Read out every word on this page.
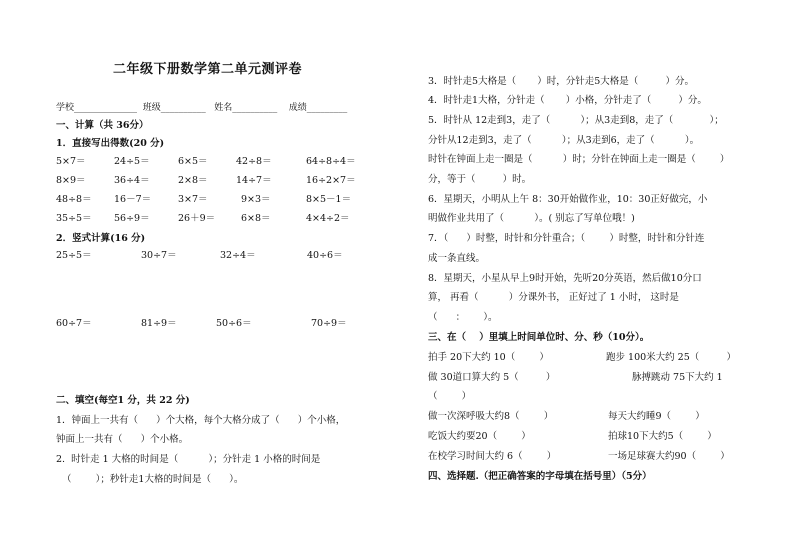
二年级下册数学第二单元测评卷
学校______________  班级__________   姓名__________    成绩_________
一、计算（共 36分）
1．直接写出得数(20 分)
5×7＝	24÷5＝	6×5＝	42÷8＝	64÷8÷4＝
8×9＝	36÷4＝	2×8＝	14÷7＝	16÷2×7＝
48÷8＝ 16－7＝	3×7＝	9×3＝	8×5－1＝
35÷5＝ 56÷9＝	26＋9＝	6×8＝	4×4÷2＝
2．竖式计算(16 分)
25÷5＝	30÷7＝	32÷4＝	40÷6＝
60÷7＝	81÷9＝	50÷6＝	70÷9＝
二、填空(每空1 分，共 22 分)
1．钟面上一共有（      ）个大格，每个大格分成了（      ）个小格，
钟面上一共有（      ）个小格。
2.  时针走 1 大格的时间是（          ）；分针走 1 小格的时间是
（        ）；秒针走1大格的时间是（      ）。
3．时针走5大格是（       ）时，分针走5大格是（         ）分。
4．时针走1大格，分针走（       ）小格，分针走了（         ）分。
5．时针从 12走到3，走了（          ）；从3走到8，走了（            ）；
分针从12走到3，走了（          ）；从3走到6，走了（          ）。
时针在钟面上走一圈是（          ）时；分针在钟面上走一圈是（        ）
分，等于（         ）时。
6．星期天，小明从上午 8：30开始做作业，10：30正好做完，小
明做作业共用了（          ）。( 别忘了写单位哦！)
7．（      ）时整，时针和分针重合；（        ）时整，时针和分针连
成一条直线。
8．星期天，小星从早上9时开始，先听20分英语，然后做10分口
算， 再看（          ）分课外书， 正好过了 1 小时， 这时是
（      ：      ）。
三、在（    ）里填上时间单位时、分、秒（10分）。
拍手 20下大约 10（        ）	跑步 100米大约 25（         ）
做 30道口算大约 5（         ）	脉搏跳动 75下大约 1
（        ）
做一次深呼吸大约8（        ）	每天大约睡9（        ）
吃饭大约要20（        ）	拍球10下大约5（        ）
在校学习时间大约 6（        ）	一场足球赛大约90（        ）
四、选择题.（把正确答案的字母填在括号里）（5分）
